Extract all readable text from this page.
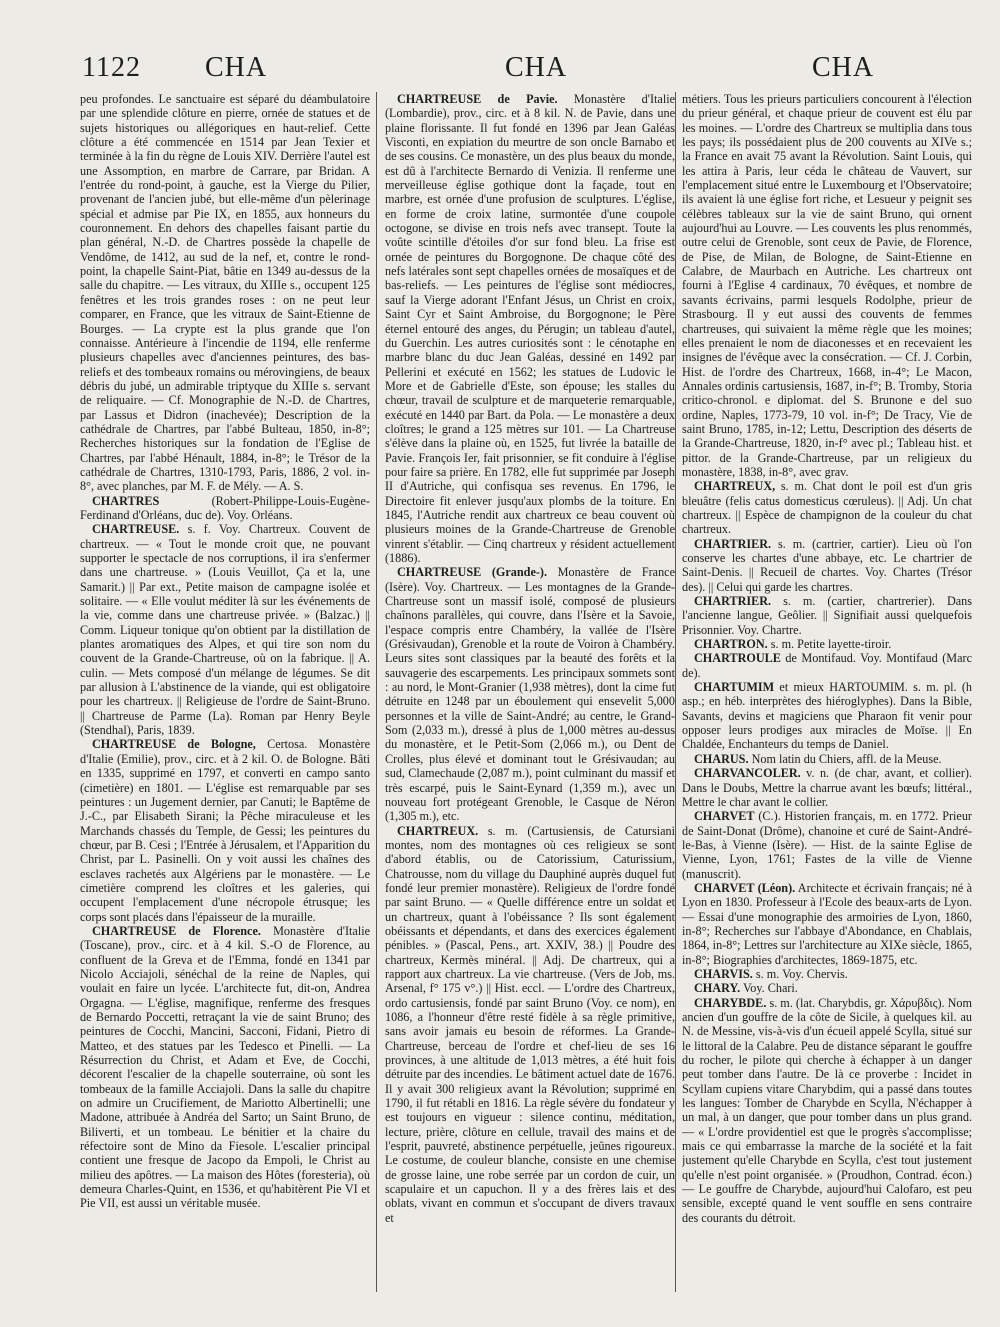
1122 CHA	CHA	CHA

peu profondes. Le sanctuaire est séparé du déambulatoire par une splendide clôture en pierre, ornée de statues et de sujets historiques ou allégoriques en haut-relief. Cette clôture a été commencée en 1514 par Jean Texier et terminée à la fin du règne de Louis XIV. Derrière l'autel est une Assomption, en marbre de Carrare, par Bridan. A l'entrée du rond-point, à gauche, est la Vierge du Pilier, provenant de l'ancien jubé, but elle-même d'un pèlerinage spécial et admise par Pie IX, en 1855, aux honneurs du couronnement. En dehors des chapelles faisant partie du plan général, N.-D. de Chartres possède la chapelle de Vendôme, de 1412, au sud de la nef, et, contre le rond-point, la chapelle Saint-Piat, bâtie en 1349 au-dessus de la salle du chapitre. — Les vitraux, du XIIIe s., occupent 125 fenêtres et les trois grandes roses : on ne peut leur comparer, en France, que les vitraux de Saint-Etienne de Bourges. — La crypte est la plus grande que l'on connaisse. Antérieure à l'incendie de 1194, elle renferme plusieurs chapelles avec d'anciennes peintures, des bas-reliefs et des tombeaux romains ou mérovingiens, de beaux débris du jubé, un admirable triptyque du XIIIe s. servant de reliquaire. — Cf. Monographie de N.-D. de Chartres, par Lassus et Didron (inachevée); Description de la cathédrale de Chartres, par l'abbé Bulteau, 1850, in-8°; Recherches historiques sur la fondation de l'Eglise de Chartres, par l'abbé Hénault, 1884, in-8°; le Trésor de la cathédrale de Chartres, 1310-1793, Paris, 1886, 2 vol. in-8°, avec planches, par M. F. de Mély. — A. S.

CHARTRES (Robert-Philippe-Louis-Eugène-Ferdinand d'Orléans, duc de). Voy. Orléans.

CHARTREUSE. s. f. Voy. Chartreux. Couvent de chartreux. — « Tout le monde croit que, ne pouvant supporter le spectacle de nos corruptions, il ira s'enfermer dans une chartreuse. » (Louis Veuillot, Ça et la, une Samarit.) || Par ext., Petite maison de campagne isolée et solitaire. — « Elle voulut méditer là sur les événements de la vie, comme dans une chartreuse privée. » (Balzac.) || Comm. Liqueur tonique qu'on obtient par la distillation de plantes aromatiques des Alpes, et qui tire son nom du couvent de la Grande-Chartreuse, où on la fabrique. || A. culin. — Mets composé d'un mélange de légumes. Se dit par allusion à L'abstinence de la viande, qui est obligatoire pour les chartreux. || Religieuse de l'ordre de Saint-Bruno. || Chartreuse de Parme (La). Roman par Henry Beyle (Stendhal), Paris, 1839.

CHARTREUSE de Bologne, Certosa. Monastère d'Italie (Emilie), prov., circ. et à 2 kil. O. de Bologne. Bâti en 1335, supprimé en 1797, et converti en campo santo (cimetière) en 1801. — L'église est remarquable par ses peintures : un Jugement dernier, par Canuti; le Baptême de J.-C., par Elisabeth Sirani; la Pêche miraculeuse et les Marchands chassés du Temple, de Gessi; les peintures du chœur, par B. Cesi ; l'Entrée à Jérusalem, et l'Apparition du Christ, par L. Pasinelli. On y voit aussi les chaînes des esclaves rachetés aux Algériens par le monastère. — Le cimetière comprend les cloîtres et les galeries, qui occupent l'emplacement d'une nécropole étrusque; les corps sont placés dans l'épaisseur de la muraille.

CHARTREUSE de Florence. Monastère d'Italie (Toscane), prov., circ. et à 4 kil. S.-O de Florence, au confluent de la Greva et de l'Emma, fondé en 1341 par Nicolo Acciajoli, sénéchal de la reine de Naples, qui voulait en faire un lycée. L'architecte fut, dit-on, Andrea Orgagna. — L'église, magnifique, renferme des fresques de Bernardo Poccetti, retraçant la vie de saint Bruno; des peintures de Cocchi, Mancini, Sacconi, Fidani, Pietro di Matteo, et des statues par les Tedesco et Pinelli. — La Résurrection du Christ, et Adam et Eve, de Cocchi, décorent l'escalier de la chapelle souterraine, où sont les tombeaux de la famille Acciajoli. Dans la salle du chapitre on admire un Crucifiement, de Mariotto Albertinelli; une Madone, attribuée à Andréa del Sarto; un Saint Bruno, de Biliverti, et un tombeau. Le bénitier et la chaire du réfectoire sont de Mino da Fiesole. L'escalier principal contient une fresque de Jacopo da Empoli, le Christ au milieu des apôtres. — La maison des Hôtes (foresteria), où demeura Charles-Quint, en 1536, et qu'habitèrent Pie VI et Pie VII, est aussi un véritable musée.

CHARTREUSE de Pavie. Monastère d'Italie (Lombardie), prov., circ. et à 8 kil. N. de Pavie, dans une plaine florissante. Il fut fondé en 1396 par Jean Galéas Visconti, en expiation du meurtre de son oncle Barnabo et de ses cousins. Ce monastère, un des plus beaux du monde, est dû à l'architecte Bernardo di Venizia. Il renferme une merveilleuse église gothique dont la façade, tout en marbre, est ornée d'une profusion de sculptures. L'église, en forme de croix latine, surmontée d'une coupole octogone, se divise en trois nefs avec transept. Toute la voûte scintille d'étoiles d'or sur fond bleu. La frise est ornée de peintures du Borgognone. De chaque côté des nefs latérales sont sept chapelles ornées de mosaïques et de bas-reliefs. — Les peintures de l'église sont médiocres, sauf la Vierge adorant l'Enfant Jésus, un Christ en croix, Saint Cyr et Saint Ambroise, du Borgognone; le Père éternel entouré des anges, du Pérugin; un tableau d'autel, du Guerchin. Les autres curiosités sont : le cénotaphe en marbre blanc du duc Jean Galéas, dessiné en 1492 par Pellerini et exécuté en 1562; les statues de Ludovic le More et de Gabrielle d'Este, son épouse; les stalles du chœur, travail de sculpture et de marqueterie remarquable, exécuté en 1440 par Bart. da Pola. — Le monastère a deux cloîtres; le grand a 125 mètres sur 101. — La Chartreuse s'élève dans la plaine où, en 1525, fut livrée la bataille de Pavie. François Ier, fait prisonnier, se fit conduire à l'église pour faire sa prière. En 1782, elle fut supprimée par Joseph II d'Autriche, qui confisqua ses revenus. En 1796, le Directoire fit enlever jusqu'aux plombs de la toiture. En 1845, l'Autriche rendit aux chartreux ce beau couvent où plusieurs moines de la Grande-Chartreuse de Grenoble vinrent s'établir. — Cinq chartreux y résident actuellement (1886).

CHARTREUSE (Grande-). Monastère de France (Isère). Voy. Chartreux. — Les montagnes de la Grande-Chartreuse sont un massif isolé, composé de plusieurs chaînons parallèles, qui couvre, dans l'Isère et la Savoie, l'espace compris entre Chambéry, la vallée de l'Isère (Grésivaudan), Grenoble et la route de Voiron à Chambéry. Leurs sites sont classiques par la beauté des forêts et la sauvagerie des escarpements. Les principaux sommets sont : au nord, le Mont-Granier (1,938 mètres), dont la cime fut détruite en 1248 par un éboulement qui ensevelit 5,000 personnes et la ville de Saint-André; au centre, le Grand-Som (2,033 m.), dressé à plus de 1,000 mètres au-dessus du monastère, et le Petit-Som (2,066 m.), ou Dent de Crolles, plus élevé et dominant tout le Grésivaudan; au sud, Clamechaude (2,087 m.), point culminant du massif et très escarpé, puis le Saint-Eynard (1,359 m.), avec un nouveau fort protégeant Grenoble, le Casque de Néron (1,305 m.), etc.

CHARTREUX. s. m. (Cartusiensis, de Catursiani montes, nom des montagnes où ces religieux se sont d'abord établis, ou de Catorissium, Caturissium, Chatrousse, nom du village du Dauphiné auprès duquel fut fondé leur premier monastère). Religieux de l'ordre fondé par saint Bruno. — « Quelle différence entre un soldat et un chartreux, quant à l'obéissance ? Ils sont également obéissants et dépendants, et dans des exercices également pénibles. » (Pascal, Pens., art. XXIV, 38.) || Poudre des chartreux, Kermès minéral. || Adj. De chartreux, qui a rapport aux chartreux. La vie chartreuse. (Vers de Job, ms. Arsenal, f° 175 v°.) || Hist. eccl. — L'ordre des Chartreux, ordo cartusiensis, fondé par saint Bruno (Voy. ce nom), en 1086, a l'honneur d'être resté fidèle à sa règle primitive, sans avoir jamais eu besoin de réformes. La Grande-Chartreuse, berceau de l'ordre et chef-lieu de ses 16 provinces, à une altitude de 1,013 mètres, a été huit fois détruite par des incendies. Le bâtiment actuel date de 1676. Il y avait 300 religieux avant la Révolution; supprimé en 1790, il fut rétabli en 1816. La règle sévère du fondateur y est toujours en vigueur : silence continu, méditation, lecture, prière, clôture en cellule, travail des mains et de l'esprit, pauvreté, abstinence perpétuelle, jeûnes rigoureux. Le costume, de couleur blanche, consiste en une chemise de grosse laine, une robe serrée par un cordon de cuir, un scapulaire et un capuchon. Il y a des frères lais et des oblats, vivant en commun et s'occupant de divers travaux et

métiers. Tous les prieurs particuliers concourent à l'élection du prieur général, et chaque prieur de couvent est élu par les moines. — L'ordre des Chartreux se multiplia dans tous les pays; ils possédaient plus de 200 couvents au XIVe s.; la France en avait 75 avant la Révolution. Saint Louis, qui les attira à Paris, leur céda le château de Vauvert, sur l'emplacement situé entre le Luxembourg et l'Observatoire; ils avaient là une église fort riche, et Lesueur y peignit ses célèbres tableaux sur la vie de saint Bruno, qui ornent aujourd'hui au Louvre. — Les couvents les plus renommés, outre celui de Grenoble, sont ceux de Pavie, de Florence, de Pise, de Milan, de Bologne, de Saint-Etienne en Calabre, de Maurbach en Autriche. Les chartreux ont fourni à l'Eglise 4 cardinaux, 70 évêques, et nombre de savants écrivains, parmi lesquels Rodolphe, prieur de Strasbourg. Il y eut aussi des couvents de femmes chartreuses, qui suivaient la même règle que les moines; elles prenaient le nom de diaconesses et en recevaient les insignes de l'évêque avec la consécration. — Cf. J. Corbin, Hist. de l'ordre des Chartreux, 1668, in-4°; Le Macon, Annales ordinis cartusiensis, 1687, in-f°; B. Tromby, Storia critico-chronol. e diplomat. del S. Brunone e del suo ordine, Naples, 1773-79, 10 vol. in-f°; De Tracy, Vie de saint Bruno, 1785, in-12; Lettu, Description des déserts de la Grande-Chartreuse, 1820, in-f° avec pl.; Tableau hist. et pittor. de la Grande-Chartreuse, par un religieux du monastère, 1838, in-8°, avec grav.

CHARTREUX, s. m. Chat dont le poil est d'un gris bleuâtre (felis catus domesticus cœruleus). || Adj. Un chat chartreux. || Espèce de champignon de la couleur du chat chartreux.

CHARTRIER. s. m. (cartrier, cartier). Lieu où l'on conserve les chartes d'une abbaye, etc. Le chartrier de Saint-Denis. || Recueil de chartes. Voy. Chartes (Trésor des). || Celui qui garde les chartres.

CHARTRIER. s. m. (cartier, chartrerier). Dans l'ancienne langue, Geôlier. || Signifiait aussi quelquefois Prisonnier. Voy. Chartre.

CHARTRON. s. m. Petite layette-tiroir.

CHARTROULE de Montifaud. Voy. Montifaud (Marc de).

CHARTUMIM et mieux HARTOUMIM. s. m. pl. (h asp.; en héb. interprètes des hiéroglyphes). Dans la Bible, Savants, devins et magiciens que Pharaon fit venir pour opposer leurs prodiges aux miracles de Moïse. || En Chaldée, Enchanteurs du temps de Daniel.

CHARUS. Nom latin du Chiers, affl. de la Meuse.

CHARVANCOLER. v. n. (de char, avant, et collier). Dans le Doubs, Mettre la charrue avant les bœufs; littéral., Mettre le char avant le collier.

CHARVET (C.). Historien français, m. en 1772. Prieur de Saint-Donat (Drôme), chanoine et curé de Saint-André-le-Bas, à Vienne (Isère). — Hist. de la sainte Eglise de Vienne, Lyon, 1761; Fastes de la ville de Vienne (manuscrit).

CHARVET (Léon). Architecte et écrivain français; né à Lyon en 1830. Professeur à l'Ecole des beaux-arts de Lyon. — Essai d'une monographie des armoiries de Lyon, 1860, in-8°; Recherches sur l'abbaye d'Abondance, en Chablais, 1864, in-8°; Lettres sur l'architecture au XIXe siècle, 1865, in-8°; Biographies d'architectes, 1869-1875, etc.

CHARVIS. s. m. Voy. Chervis.

CHARY. Voy. Chari.

CHARYBDE. s. m. (lat. Charybdis, gr. Χάρυβδις). Nom ancien d'un gouffre de la côte de Sicile, à quelques kil. au N. de Messine, vis-à-vis d'un écueil appelé Scylla, situé sur le littoral de la Calabre. Peu de distance séparant le gouffre du rocher, le pilote qui cherche à échapper à un danger peut tomber dans l'autre. De là ce proverbe : Incidet in Scyllam cupiens vitare Charybdim, qui a passé dans toutes les langues: Tomber de Charybde en Scylla, N'échapper à un mal, à un danger, que pour tomber dans un plus grand. — « L'ordre providentiel est que le progrès s'accomplisse; mais ce qui embarrasse la marche de la société et la fait justement qu'elle Charybde en Scylla, c'est tout justement qu'elle n'est point organisée. » (Proudhon, Contrad. écon.) — Le gouffre de Charybde, aujourd'hui Calofaro, est peu sensible, excepté quand le vent souffle en sens contraire des courants du détroit.
